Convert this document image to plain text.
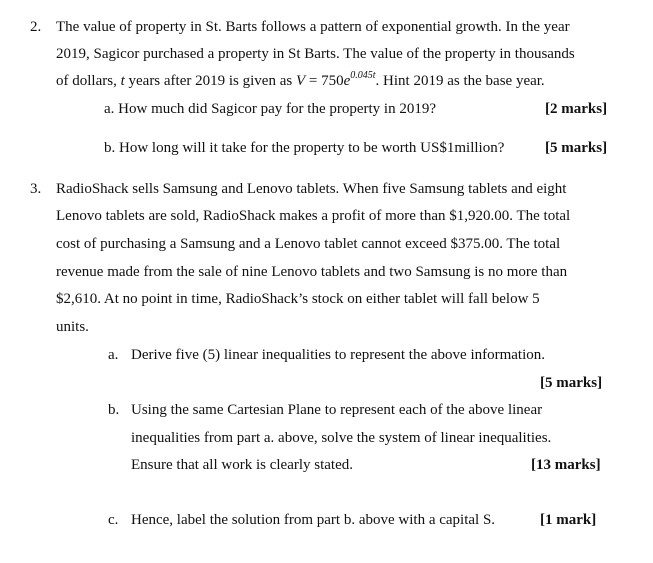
2. The value of property in St. Barts follows a pattern of exponential growth. In the year
2019, Sagicor purchased a property in St Barts. The value of the property in thousands
of dollars, t years after 2019 is given as $V = 750e^{0.045t}$. Hint 2019 as the base year.
a. How much did Sagicor pay for the property in 2019?	[2 marks]
b. How long will it take for the property to be worth US$1million?	[5 marks]
3. RadioShack sells Samsung and Lenovo tablets. When five Samsung tablets and eight
Lenovo tablets are sold, RadioShack makes a profit of more than $1,920.00. The total
cost of purchasing a Samsung and a Lenovo tablet cannot exceed $375.00. The total
revenue made from the sale of nine Lenovo tablets and two Samsung is no more than
$2,610. At no point in time, RadioShack’s stock on either tablet will fall below 5
units.
a. Derive five (5) linear inequalities to represent the above information.
[5 marks]
b. Using the same Cartesian Plane to represent each of the above linear
inequalities from part a. above, solve the system of linear inequalities.
Ensure that all work is clearly stated.	[13 marks]
c. Hence, label the solution from part b. above with a capital S.	[1 mark]
